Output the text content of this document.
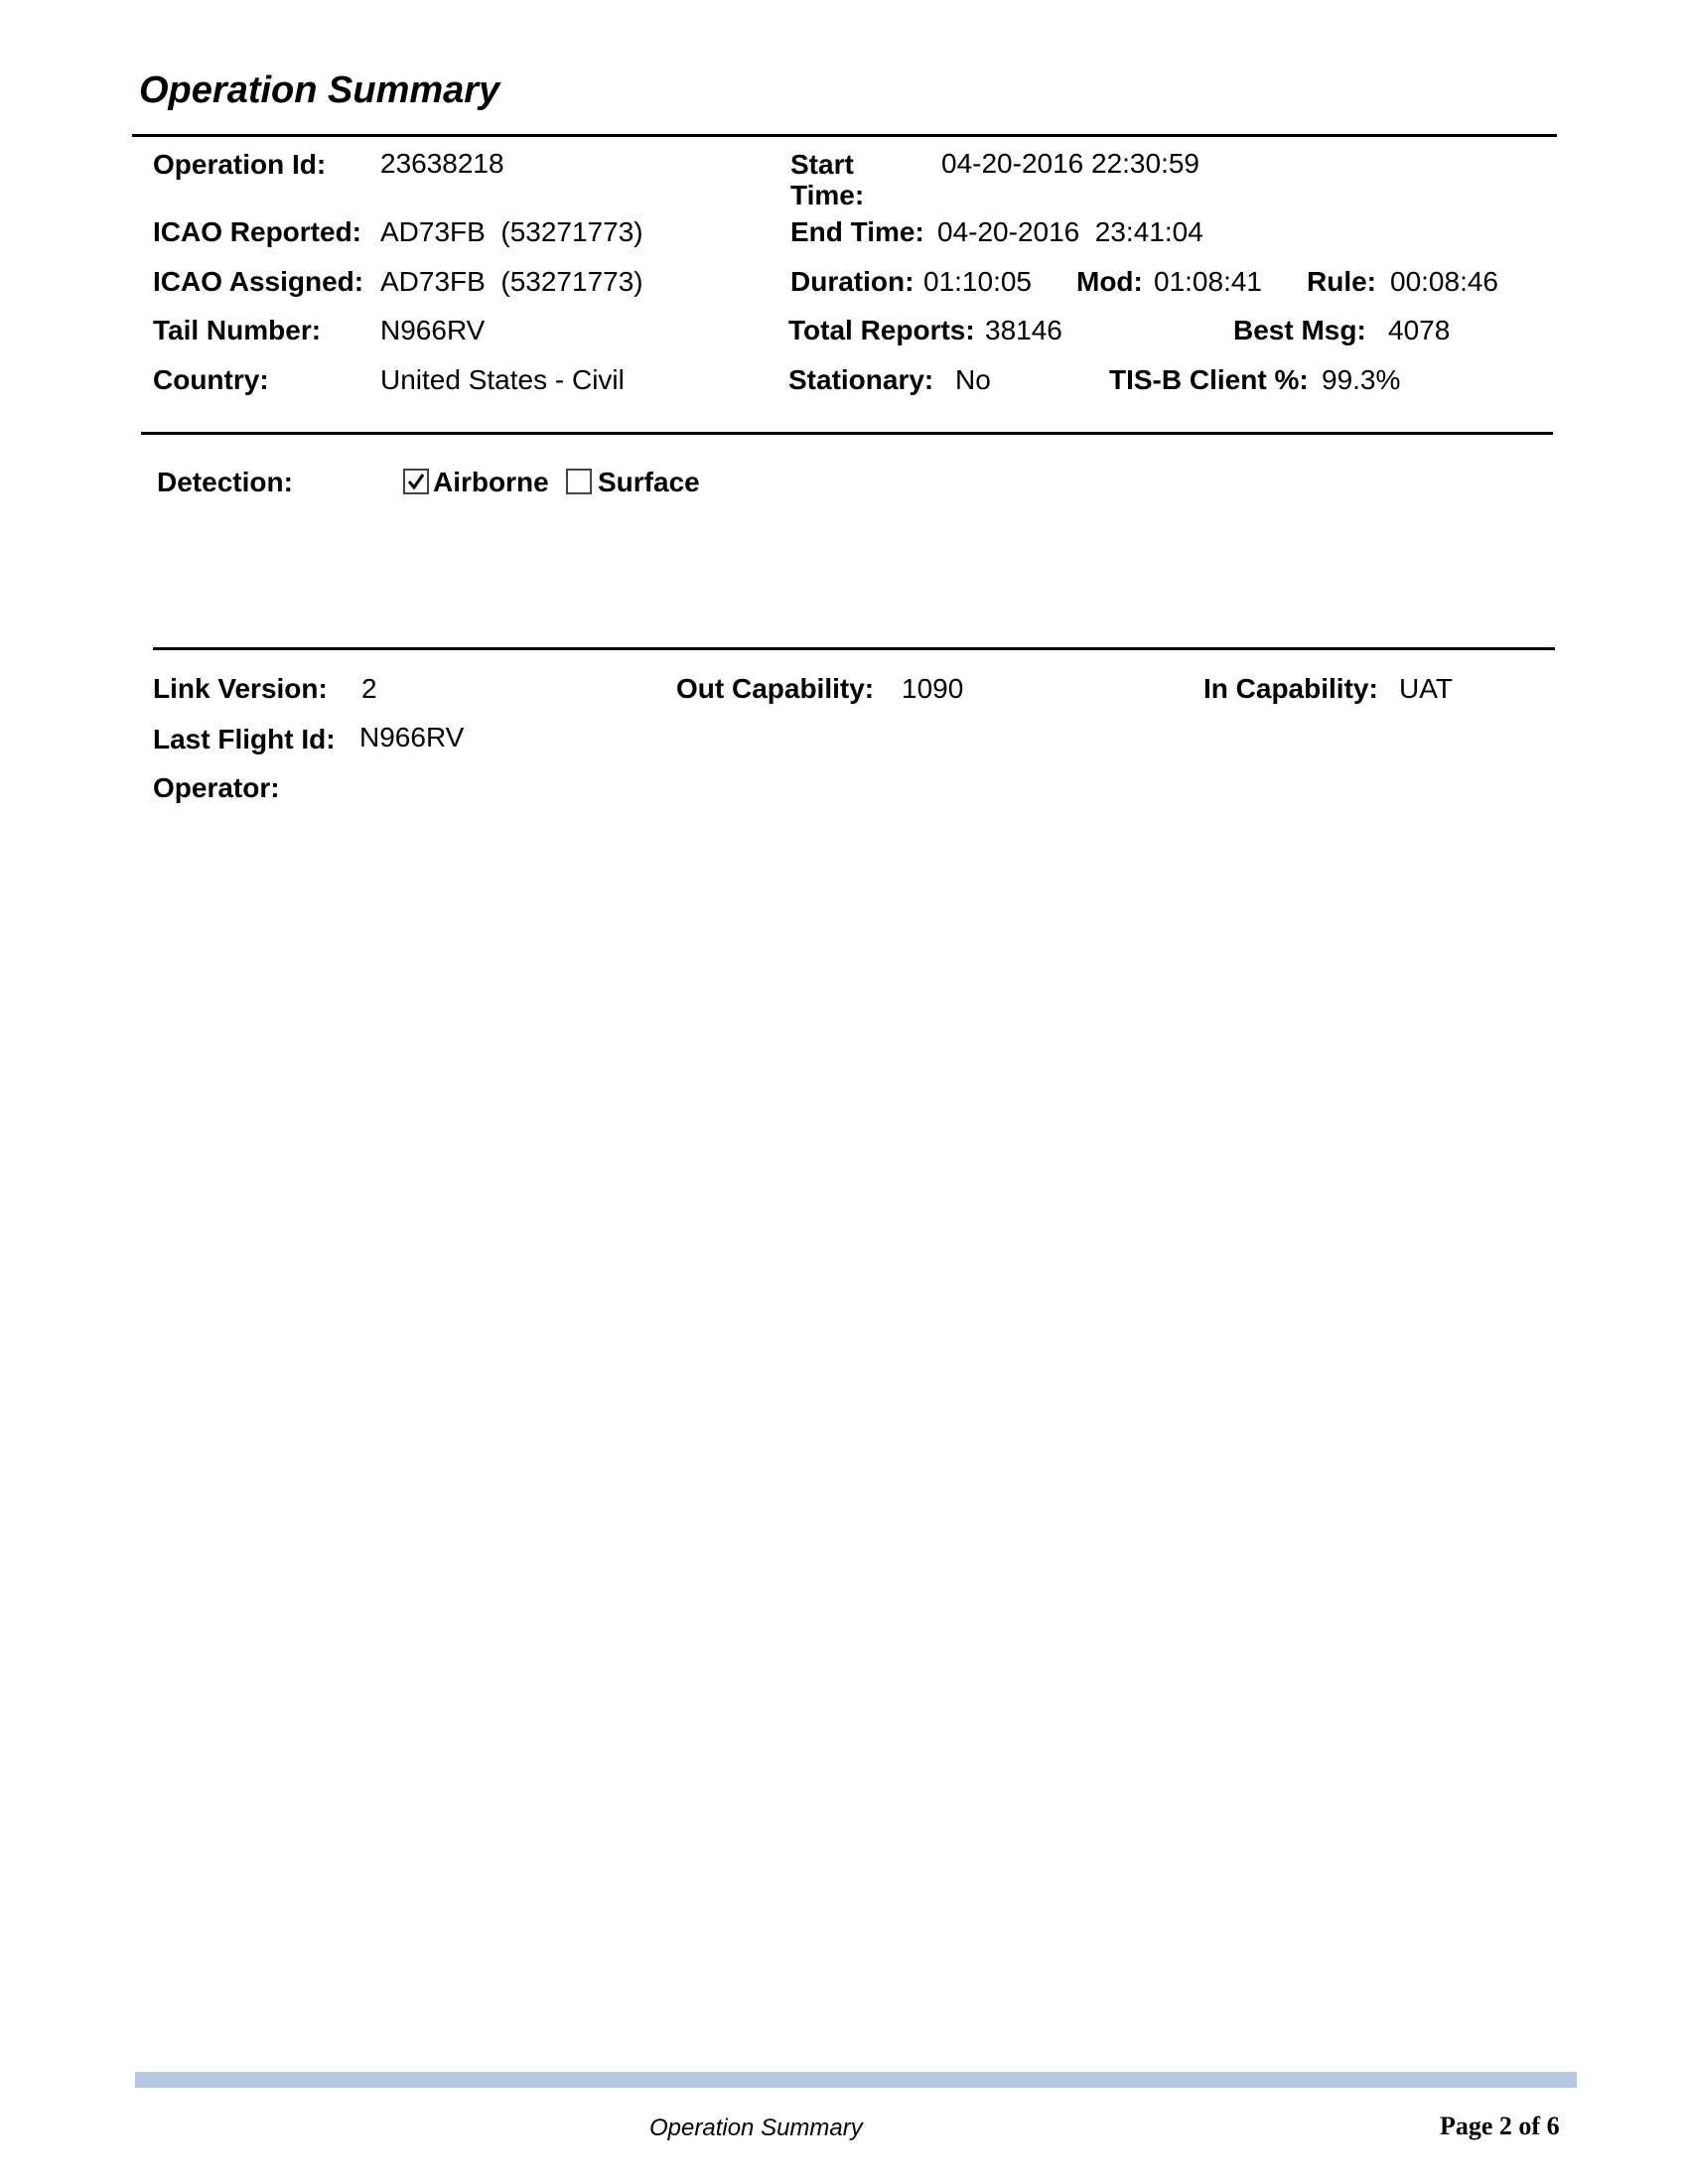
Operation Summary
Operation Id: 23638218
ICAO Reported: AD73FB  (53271773)
ICAO Assigned: AD73FB  (53271773)
Tail Number: N966RV
Country:	United States - Civil
Start
Time:
04-20-2016 22:30:59
End Time: 04-20-2016  23:41:04
Duration: 01:10:05 Mod: 01:08:41 Rule: 00:08:46
Total Reports: 38146	Best Msg: 4078
Stationary: No	TIS-B Client %: 99.3%
Detection:	Airborne Surface
Link Version: 2	Out Capability: 1090	In Capability: UAT
Last Flight Id: N966RV
Operator:
Operation Summary	Page 2 of 6
